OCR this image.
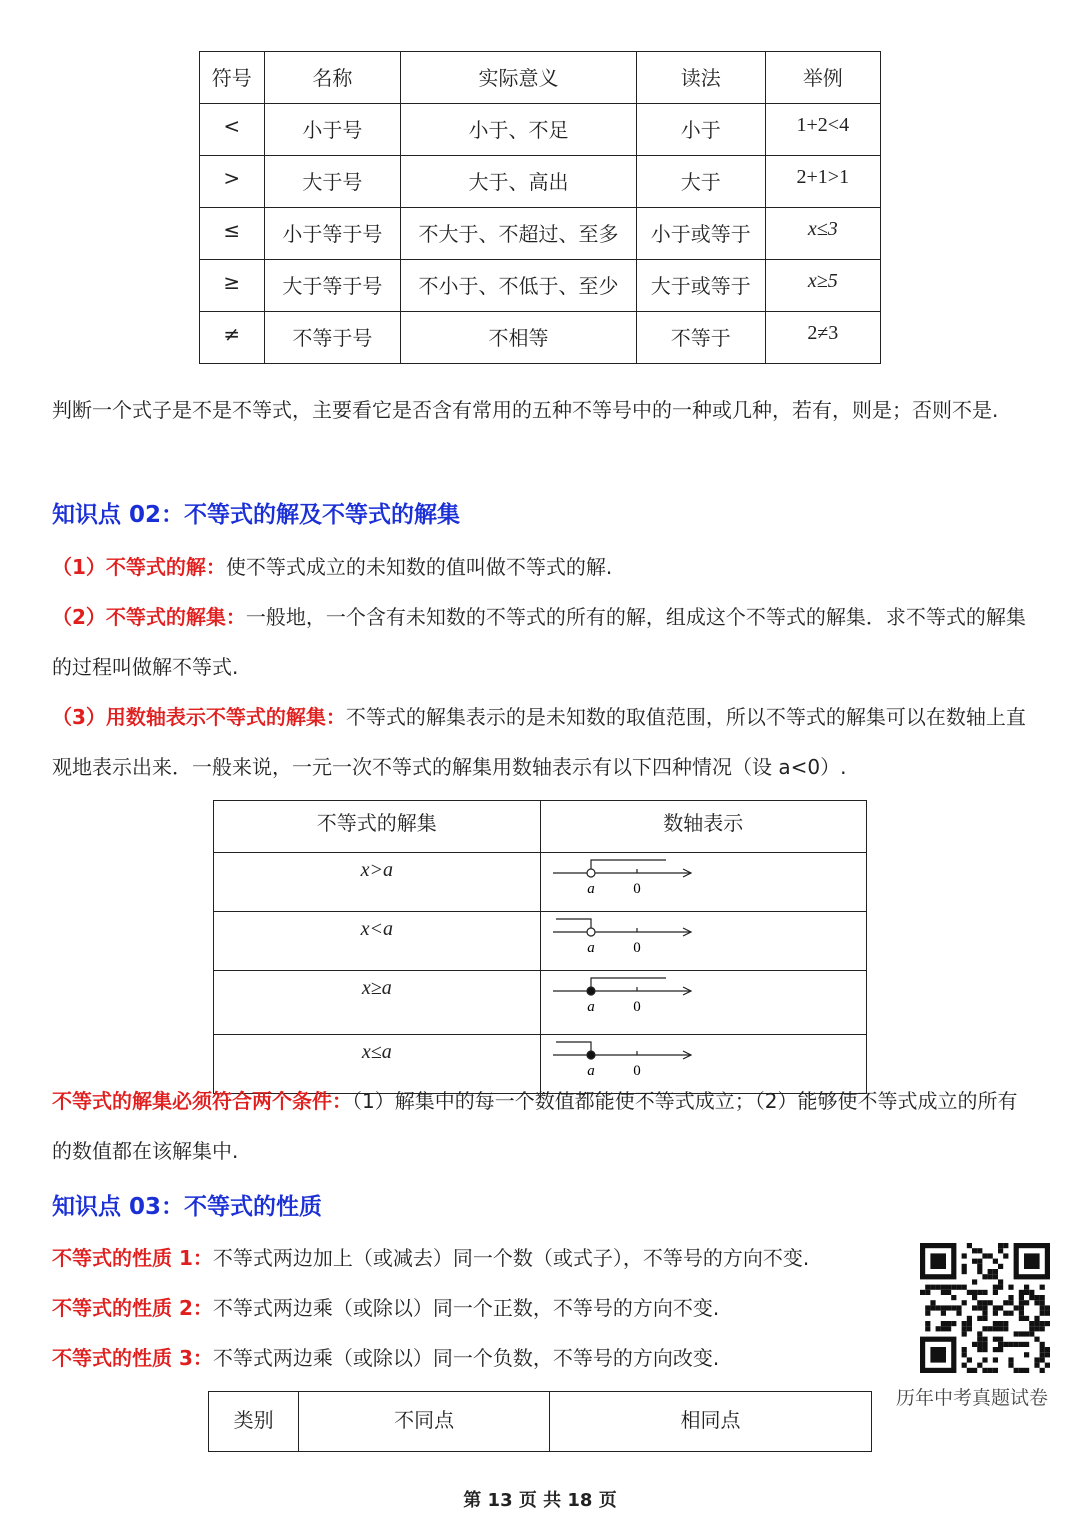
符号	名称	实际意义	读法	举例
<	小于号	小于、不足	小于	1+2<4
>	大于号	大于、高出	大于	2+1>1
≤	小于等于号	不大于、不超过、至多	小于或等于	x≤3
≥	大于等于号	不小于、不低于、至少	大于或等于	x≥5
≠	不等于号	不相等	不等于	2≠3
判断一个式子是不是不等式，主要看它是否含有常用的五种不等号中的一种或几种，若有，则是；否则不是.
知识点 02：不等式的解及不等式的解集
（1）不等式的解：使不等式成立的未知数的值叫做不等式的解.
（2）不等式的解集：一般地，一个含有未知数的不等式的所有的解，组成这个不等式的解集．求不等式的解集的过程叫做解不等式.
（3）用数轴表示不等式的解集：不等式的解集表示的是未知数的取值范围，所以不等式的解集可以在数轴上直观地表示出来．一般来说，一元一次不等式的解集用数轴表示有以下四种情况（设 a<0）.
不等式的解集	数轴表示
x>a	a 0

x<a	a 0

x≥a	a 0

x≤a	a 0
不等式的解集必须符合两个条件：（1）解集中的每一个数值都能使不等式成立；（2）能够使不等式成立的所有的数值都在该解集中.
知识点 03：不等式的性质
不等式的性质 1：不等式两边加上（或减去）同一个数（或式子），不等号的方向不变.
不等式的性质 2：不等式两边乘（或除以）同一个正数，不等号的方向不变.
不等式的性质 3：不等式两边乘（或除以）同一个负数，不等号的方向改变.
历年中考真题试卷
类别	不同点	相同点
第 13 页 共 18 页
